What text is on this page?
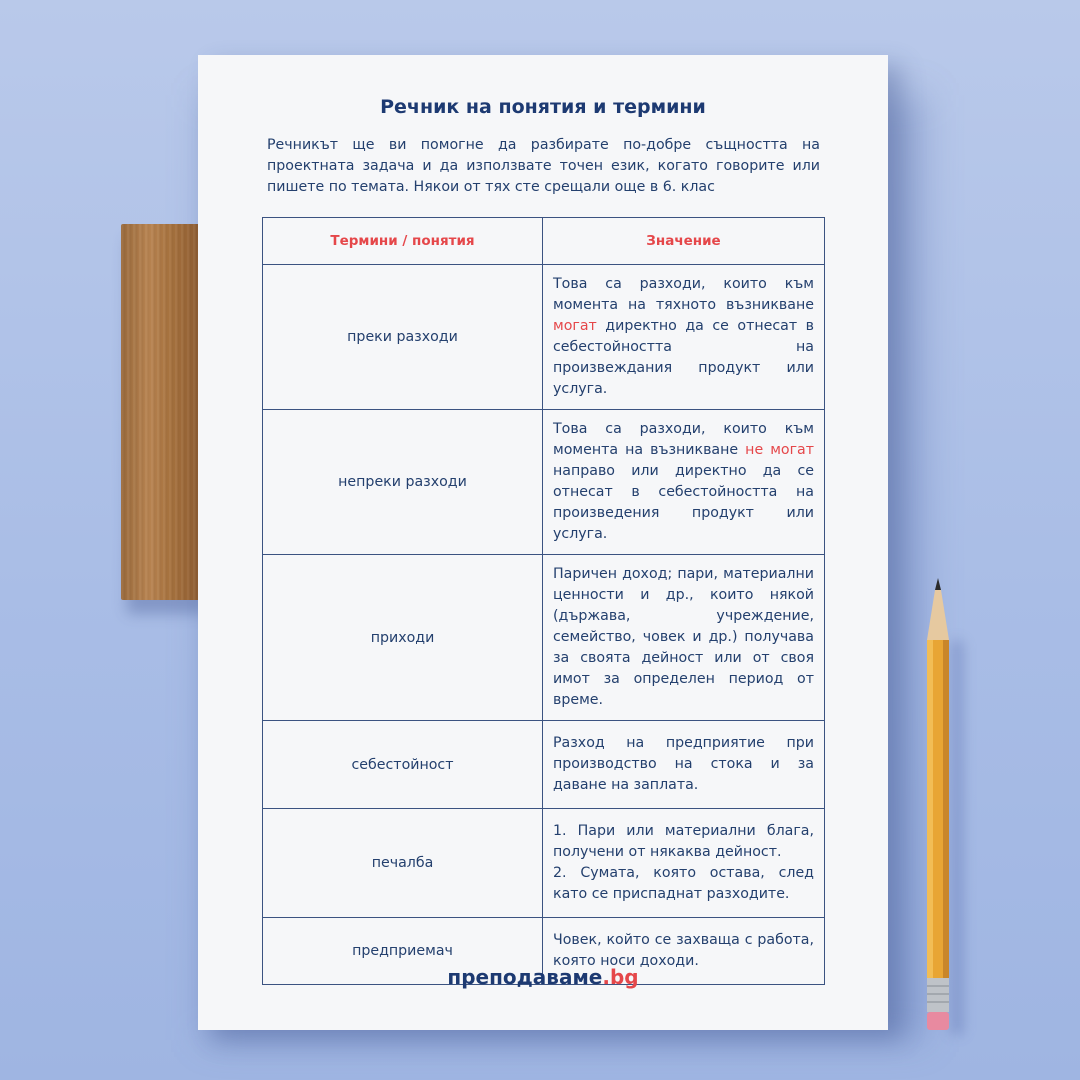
Речник на понятия и термини

Речникът ще ви помогне да разбирате по-добре същността на проектната задача и да използвате точен език, когато говорите или пишете по темата. Някои от тях сте срещали още в 6. клас

Термини / понятия	Значение
преки разходи	Това са разходи, които към момента на тяхното възникване могат директно да се отнесат в себестойността на произвеждания продукт или услуга.
непреки разходи	Това са разходи, които към момента на възникване не могат направо или директно да се отнесат в себестойността на произведения продукт или услуга.
приходи	Паричен доход; пари, материални ценности и др., които някой (държава, учреждение, семейство, човек и др.) получава за своята дейност или от своя имот за определен период от време.
себестойност	Разход на предприятие при производство на стока и за даване на заплата.
печалба	1. Пари или материални блага, получени от някаква дейност.
2. Сумата, която остава, след като се приспаднат разходите.
предприемач	Човек, който се захваща с работа, която носи доходи.
преподаваме.bg
